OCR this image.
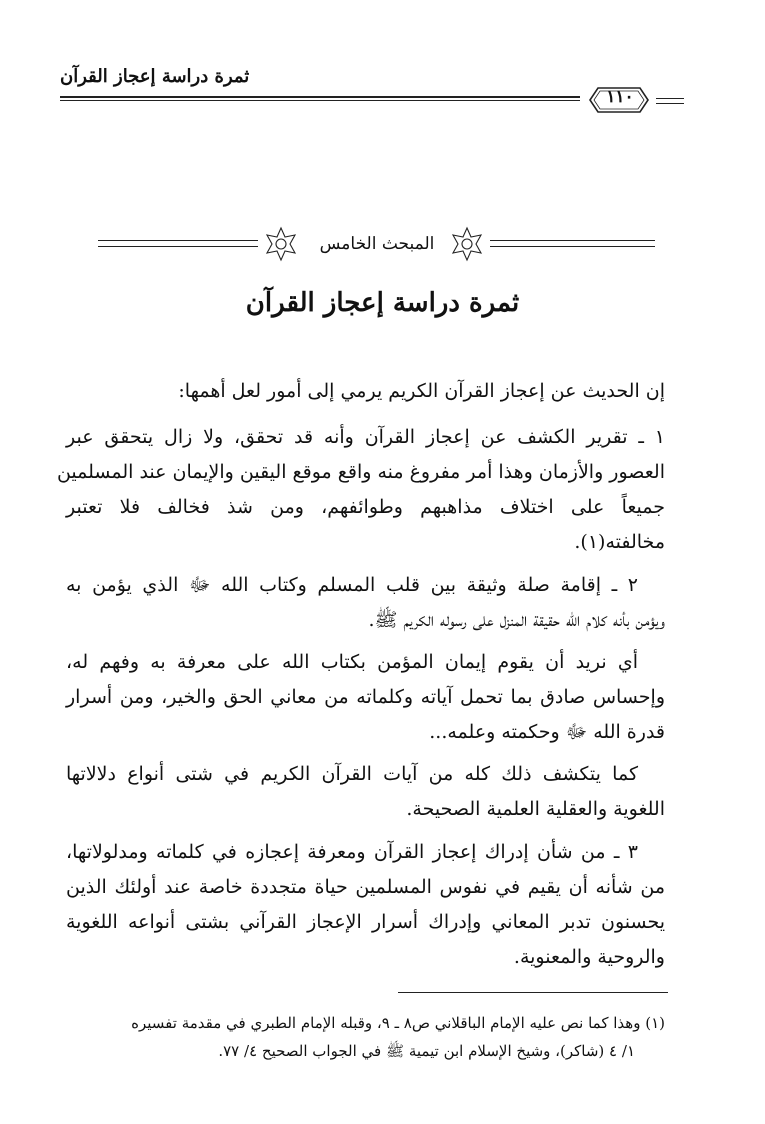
ثمرة دراسة إعجاز القرآن
١١٠
المبحث الخامس
ثمرة دراسة إعجاز القرآن
إن الحديث عن إعجاز القرآن الكريم يرمي إلى أمور لعل أهمها:
١ ـ تقرير الكشف عن إعجاز القرآن وأنه قد تحقق، ولا زال يتحقق عبر
العصور والأزمان وهذا أمر مفروغ منه واقع موقع اليقين والإيمان عند المسلمين
جميعاً على اختلاف مذاهبهم وطوائفهم، ومن شذ فخالف فلا تعتبر
مخالفته(١).
٢ ـ إقامة صلة وثيقة بين قلب المسلم وكتاب الله ﷻ الذي يؤمن به
ويؤمن بأنه كلام الله حقيقة المنزل على رسوله الكريم ﷺ.
أي نريد أن يقوم إيمان المؤمن بكتاب الله على معرفة به وفهم له،
وإحساس صادق بما تحمل آياته وكلماته من معاني الحق والخير، ومن أسرار
قدرة الله ﷻ وحكمته وعلمه...
كما يتكشف ذلك كله من آيات القرآن الكريم في شتى أنواع دلالاتها
اللغوية والعقلية العلمية الصحيحة.
٣ ـ من شأن إدراك إعجاز القرآن ومعرفة إعجازه في كلماته ومدلولاتها،
من شأنه أن يقيم في نفوس المسلمين حياة متجددة خاصة عند أولئك الذين
يحسنون تدبر المعاني وإدراك أسرار الإعجاز القرآني بشتى أنواعه اللغوية
والروحية والمعنوية.
(١) وهذا كما نص عليه الإمام الباقلاني ص٨ ـ ٩، وقبله الإمام الطبري في مقدمة تفسيره
١/ ٤ (شاكر)، وشيخ الإسلام ابن تيمية ﷺ في الجواب الصحيح ٤/ ٧٧.
